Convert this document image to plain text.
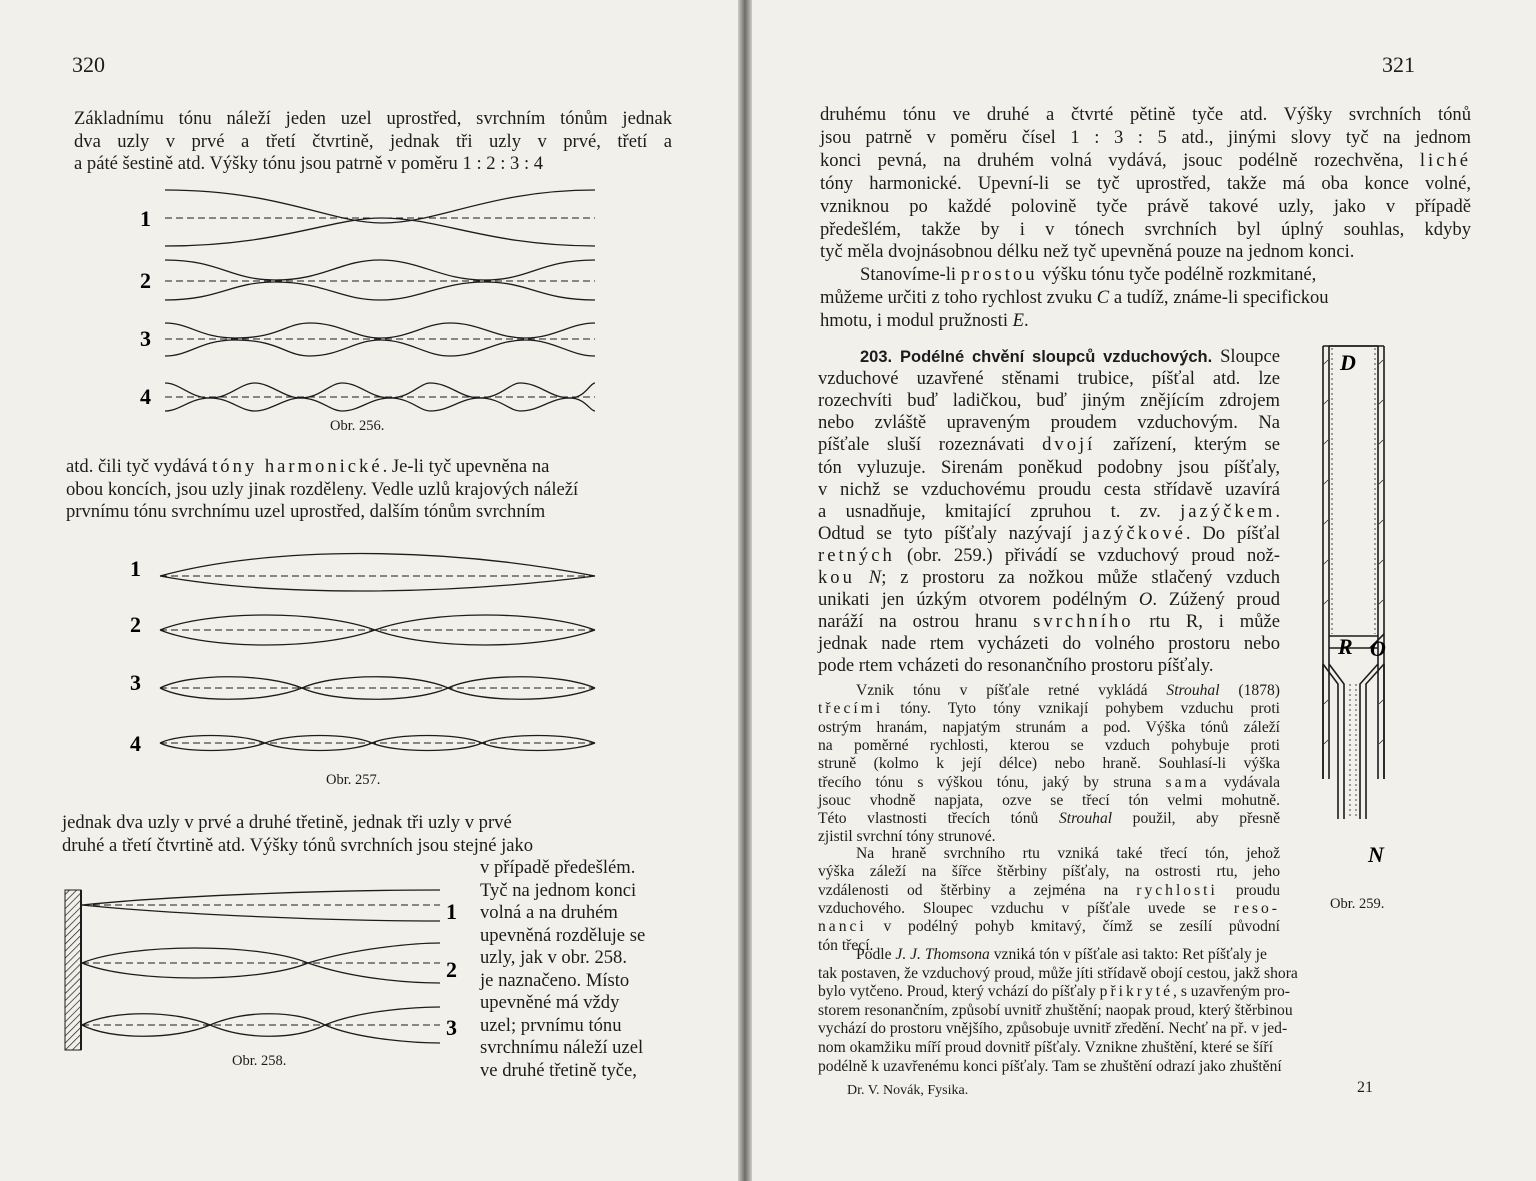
320

Základnímu tónu náleží jeden uzel uprostřed, svrchním tónům jednak

dva uzly v prvé a třetí čtvrtině, jednak tři uzly v prvé, třetí a

a páté šestině atd. Výšky tónu jsou patrně v poměru 1 : 2 : 3 : 4

1
2
3
4
Obr. 256.

atd. čili tyč vydává tóny harmonické. Je-li tyč upevněna na

obou koncích, jsou uzly jinak rozděleny. Vedle uzlů krajových náleží

prvnímu tónu svrchnímu uzel uprostřed, dalším tónům svrchním

1
2
3
4
Obr. 257.

jednak dva uzly v prvé a druhé třetině, jednak tři uzly v prvé

druhé a třetí čtvrtině atd. Výšky tónů svrchních jsou stejné jako

v případě předešlém.

Tyč na jednom konci

volná a na druhém

upevněná rozděluje se

uzly, jak v obr. 258.

je naznačeno. Místo

upevněné má vždy

uzel; prvnímu tónu

svrchnímu náleží uzel

ve druhé třetině tyče,

1
2
3
Obr. 258.
321

druhému tónu ve druhé a čtvrté pětině tyče atd. Výšky svrchních tónů

jsou patrně v poměru čísel 1 : 3 : 5 atd., jinými slovy tyč na jednom

konci pevná, na druhém volná vydává, jsouc podélně rozechvěna, liché

tóny harmonické. Upevní-li se tyč uprostřed, takže má oba konce volné,

vzniknou po každé polovině tyče právě takové uzly, jako v případě

předešlém, takže by i v tónech svrchních byl úplný souhlas, kdyby

tyč měla dvojnásobnou délku než tyč upevněná pouze na jednom konci.

Stanovíme-li prostou výšku tónu tyče podélně rozkmitané,

můžeme určiti z toho rychlost zvuku C a tudíž, známe-li specifickou

hmotu, i modul pružnosti E.

203. Podélné chvění sloupců vzduchových. Sloupce

vzduchové uzavřené stěnami trubice, píšťal atd. lze

rozechvíti buď ladičkou, buď jiným znějícím zdrojem

nebo zvláště upraveným proudem vzduchovým. Na

píšťale sluší rozeznávati dvojí zařízení, kterým se

tón vyluzuje. Sirenám poněkud podobny jsou píšťaly,

v nichž se vzduchovému proudu cesta střídavě uzavírá

a usnadňuje, kmitající zpruhou t. zv. jazýčkem.

Odtud se tyto píšťaly nazývají jazýčkové. Do píšťal

retných (obr. 259.) přivádí se vzduchový proud nož-

kou N; z prostoru za nožkou může stlačený vzduch

unikati jen úzkým otvorem podélným O. Zúžený proud

naráží na ostrou hranu svrchního rtu R, i může

jednak nade rtem vycházeti do volného prostoru nebo

pode rtem vcházeti do resonančního prostoru píšťaly.

D
R O
N
Obr. 259.

Vznik tónu v píšťale retné vykládá Strouhal (1878)

třecími tóny. Tyto tóny vznikají pohybem vzduchu proti

ostrým hranám, napjatým strunám a pod. Výška tónů záleží

na poměrné rychlosti, kterou se vzduch pohybuje proti

struně (kolmo k její délce) nebo hraně. Souhlasí-li výška

třecího tónu s výškou tónu, jaký by struna sama vydávala

jsouc vhodně napjata, ozve se třecí tón velmi mohutně.

Této vlastnosti třecích tónů Strouhal použil, aby přesně

zjistil svrchní tóny strunové.

Na hraně svrchního rtu vzniká také třecí tón, jehož

výška záleží na šířce štěrbiny píšťaly, na ostrosti rtu, jeho

vzdálenosti od štěrbiny a zejména na rychlosti proudu

vzduchového. Sloupec vzduchu v píšťale uvede se reso-

nanci v podélný pohyb kmitavý, čímž se zesílí původní

tón třecí.

Podle J. J. Thomsona vzniká tón v píšťale asi takto: Ret píšťaly je

tak postaven, že vzduchový proud, může jíti střídavě obojí cestou, jakž shora

bylo vytčeno. Proud, který vchází do píšťaly přikryté, s uzavřeným pro-

storem resonančním, způsobí uvnitř zhuštění; naopak proud, který štěrbinou

vychází do prostoru vnějšího, způsobuje uvnitř zředění. Nechť na př. v jed-

nom okamžiku míří proud dovnitř píšťaly. Vznikne zhuštění, které se šíří

podélně k uzavřenému konci píšťaly. Tam se zhuštění odrazí jako zhuštění

Dr. V. Novák, Fysika.	21
